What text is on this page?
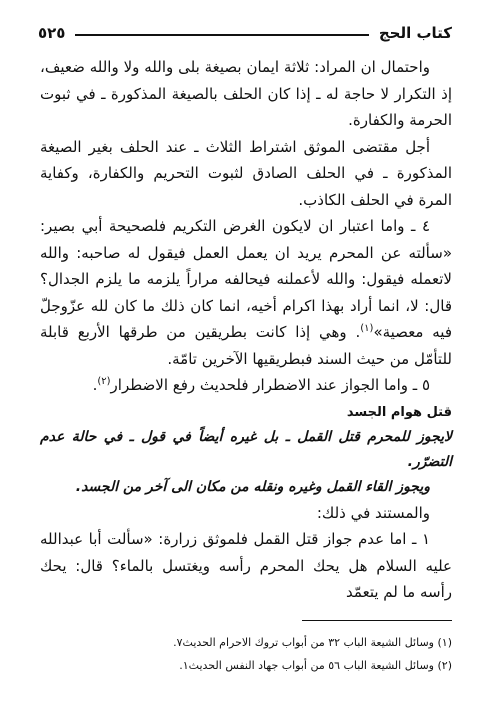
كتاب الحج
٥٢٥

واحتمال ان المراد: ثلاثة ايمان بصيغة بلى والله ولا والله ضعيف، إذ التكرار لا حاجة له ـ إذا كان الحلف بالصيغة المذكورة ـ في ثبوت الحرمة والكفارة.

أجل مقتضى الموثق اشتراط الثلاث ـ عند الحلف بغير الصيغة المذكورة ـ في الحلف الصادق لثبوت التحريم والكفارة، وكفاية المرة في الحلف الكاذب.

٤ ـ واما اعتبار ان لايكون الغرض التكريم فلصحيحة أبي بصير: «سألته عن المحرم يريد ان يعمل العمل فيقول له صاحبه: والله لاتعمله فيقول: والله لأعملنه فيحالفه مراراً يلزمه ما يلزم الجدال؟ قال: لا، انما أراد بهذا اكرام أخيه، انما كان ذلك ما كان لله عزّوجلّ فيه معصية»$^{(١)}$. وهي إذا كانت بطريقين من طرقها الأربع قابلة للتأمّل من حيث السند فبطريقيها الآخرين تامّة.

٥ ـ واما الجواز عند الاضطرار فلحديث رفع الاضطرار$^{(٢)}$.

قتل هوام الجسد

لايجوز للمحرم قتل القمل ـ بل غيره أيضاً في قول ـ في حالة عدم التضرّر.

ويجوز القاء القمل وغيره ونقله من مكان الى آخر من الجسد.

والمستند في ذلك:

١ ـ اما عدم جواز قتل القمل فلموثق زرارة: «سألت أبا عبدالله عليه السلام هل يحك المحرم رأسه ويغتسل بالماء؟ قال: يحك رأسه ما لم يتعمّد

(١) وسائل الشيعة الباب ٣٢ من أبواب تروك الاحرام الحديث٧.
(٢) وسائل الشيعة الباب ٥٦ من أبواب جهاد النفس الحديث١.
